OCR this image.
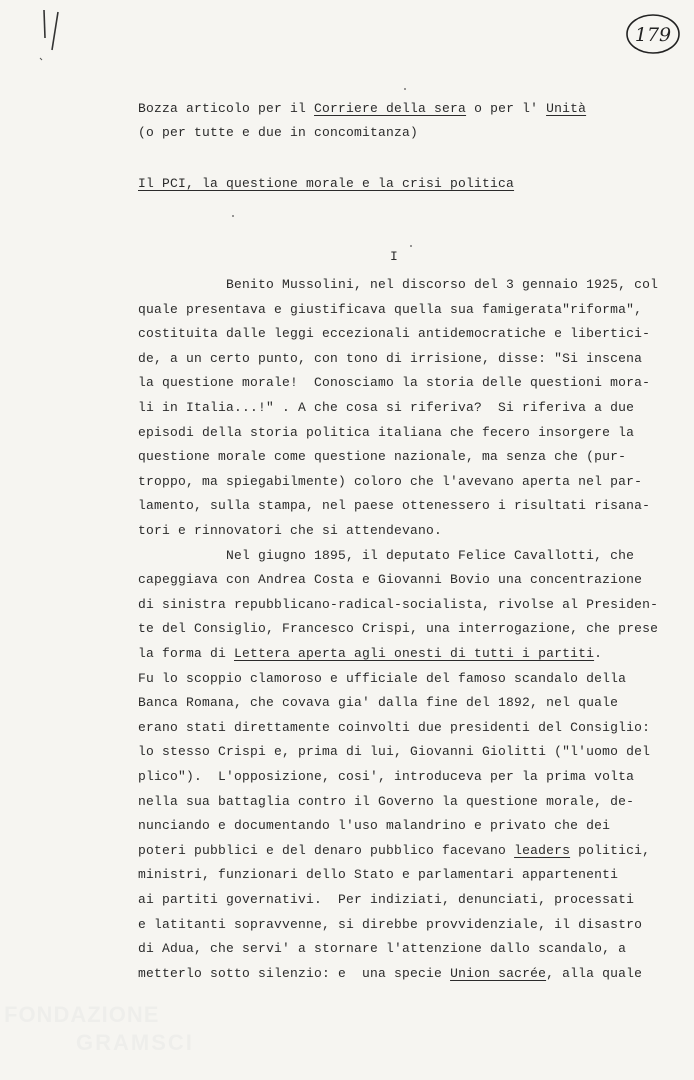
179
Bozza articolo per il Corriere della sera o per l' Unità
(o per tutte e due in concomitanza)
Il PCI, la questione morale e la crisi politica
I
Benito Mussolini, nel discorso del 3 gennaio 1925, col
quale presentava e giustificava quella sua famigerata"riforma",
costituita dalle leggi eccezionali antidemocratiche e libertici-
de, a un certo punto, con tono di irrisione, disse: "Si inscena
la questione morale!  Conosciamo la storia delle questioni mora-
li in Italia...!" . A che cosa si riferiva?  Si riferiva a due
episodi della storia politica italiana che fecero insorgere la
questione morale come questione nazionale, ma senza che (pur-
troppo, ma spiegabilmente) coloro che l'avevano aperta nel par-
lamento, sulla stampa, nel paese ottenessero i risultati risana-
tori e rinnovatori che si attendevano.
Nel giugno 1895, il deputato Felice Cavallotti, che
capeggiava con Andrea Costa e Giovanni Bovio una concentrazione
di sinistra repubblicano-radical-socialista, rivolse al Presiden-
te del Consiglio, Francesco Crispi, una interrogazione, che prese
la forma di Lettera aperta agli onesti di tutti i partiti.
Fu lo scoppio clamoroso e ufficiale del famoso scandalo della
Banca Romana, che covava gia' dalla fine del 1892, nel quale
erano stati direttamente coinvolti due presidenti del Consiglio:
lo stesso Crispi e, prima di lui, Giovanni Giolitti ("l'uomo del
plico").  L'opposizione, cosi', introduceva per la prima volta
nella sua battaglia contro il Governo la questione morale, de-
nunciando e documentando l'uso malandrino e privato che dei
poteri pubblici e del denaro pubblico facevano leaders politici,
ministri, funzionari dello Stato e parlamentari appartenenti
ai partiti governativi.  Per indiziati, denunciati, processati
e latitanti sopravvenne, si direbbe provvidenziale, il disastro
di Adua, che servi' a stornare l'attenzione dallo scandalo, a
metterlo sotto silenzio: e  una specie Union sacrée, alla quale
FONDAZIONE
GRAMSCI
